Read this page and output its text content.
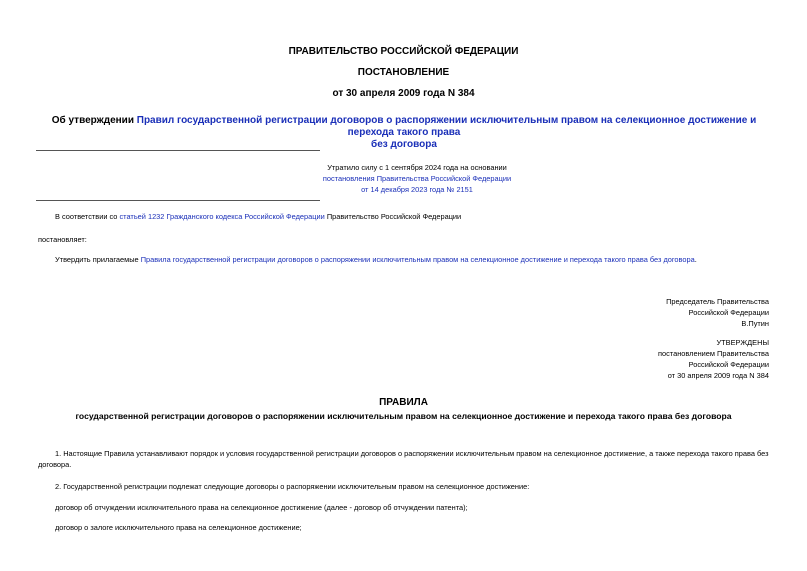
ПРАВИТЕЛЬСТВО РОССИЙСКОЙ ФЕДЕРАЦИИ
ПОСТАНОВЛЕНИЕ
от 30 апреля 2009 года N 384
Об утверждении Правил государственной регистрации договоров о распоряжении исключительным правом на селекционное достижение и перехода такого права
без договора
Утратило силу с 1 сентября 2024 года на основании
постановления Правительства Российской Федерации
от 14 декабря 2023 года № 2151
В соответствии со статьей 1232 Гражданского кодекса Российской Федерации Правительство Российской Федерации
постановляет:
Утвердить прилагаемые Правила государственной регистрации договоров о распоряжении исключительным правом на селекционное достижение и перехода такого права без договора.
Председатель Правительства
Российской Федерации
В.Путин
УТВЕРЖДЕНЫ
постановлением Правительства
Российской Федерации
от 30 апреля 2009 года N 384
ПРАВИЛА
государственной регистрации договоров о распоряжении исключительным правом на селекционное достижение и перехода такого права без договора
1. Настоящие Правила устанавливают порядок и условия государственной регистрации договоров о распоряжении исключительным правом на селекционное достижение, а также перехода такого права без
договора.
2. Государственной регистрации подлежат следующие договоры о распоряжении исключительным правом на селекционное достижение:
договор об отчуждении исключительного права на селекционное достижение (далее - договор об отчуждении патента);
договор о залоге исключительного права на селекционное достижение;
